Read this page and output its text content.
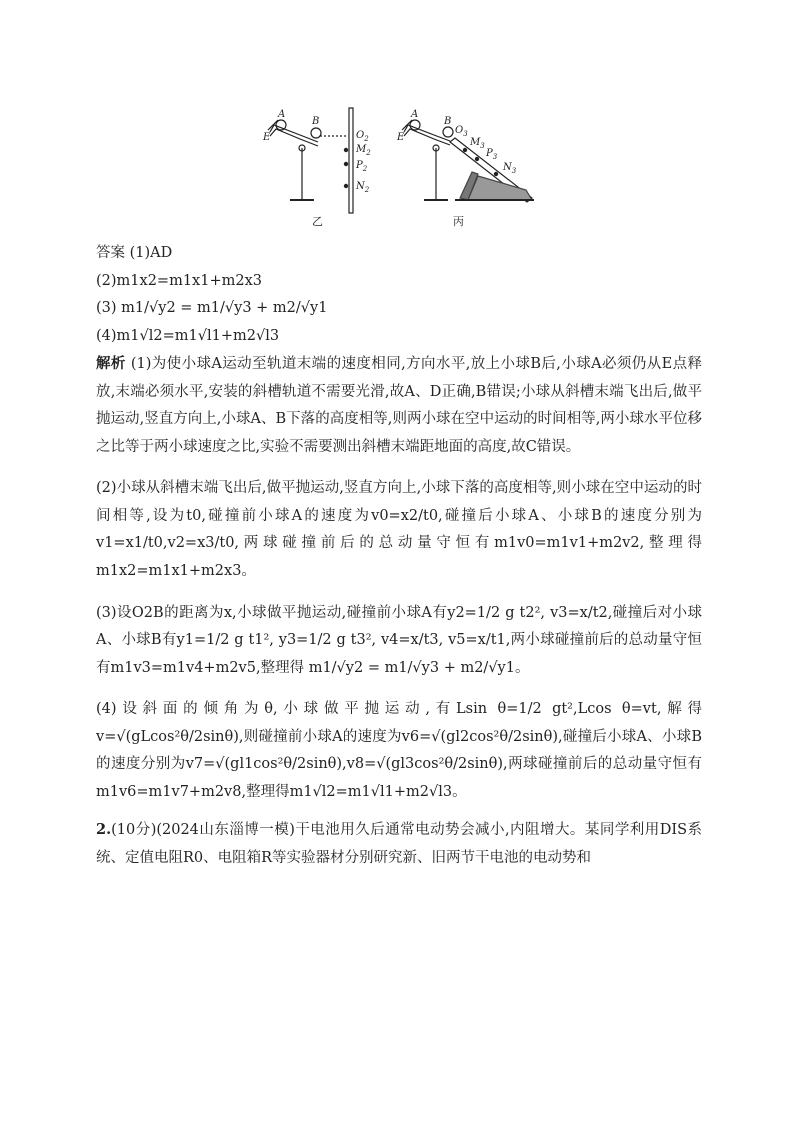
A
B
E	$O_2$
$M_2$
$P_2$
$N_2$
乙
A
B
E
$O_3$
$M_3$
$P_3$
$N_3$
丙
答案 (1)AD
(2)m1x2=m1x1+m2x3
(3) m1/√y2 = m1/√y3 + m2/√y1
(4)m1√l2=m1√l1+m2√l3
解析 (1)为使小球A运动至轨道末端的速度相同,方向水平,放上小球B后,小球A必须仍从E点释放,末端必须水平,安装的斜槽轨道不需要光滑,故A、D正确,B错误;小球从斜槽末端飞出后,做平抛运动,竖直方向上,小球A、B下落的高度相等,则两小球在空中运动的时间相等,两小球水平位移之比等于两小球速度之比,实验不需要测出斜槽末端距地面的高度,故C错误。
(2)小球从斜槽末端飞出后,做平抛运动,竖直方向上,小球下落的高度相等,则小球在空中运动的时间相等,设为t0,碰撞前小球A的速度为v0=x2/t0,碰撞后小球A、小球B的速度分别为v1=x1/t0,v2=x3/t0,两球碰撞前后的总动量守恒有m1v0=m1v1+m2v2,整理得m1x2=m1x1+m2x3。
(3)设O2B的距离为x,小球做平抛运动,碰撞前小球A有y2=1/2 g t2², v3=x/t2,碰撞后对小球A、小球B有y1=1/2 g t1², y3=1/2 g t3², v4=x/t3, v5=x/t1,两小球碰撞前后的总动量守恒有m1v3=m1v4+m2v5,整理得 m1/√y2 = m1/√y3 + m2/√y1。
(4)设斜面的倾角为θ,小球做平抛运动,有Lsin θ=1/2 gt²,Lcos θ=vt,解得v=√(gLcos²θ/2sinθ),则碰撞前小球A的速度为v6=√(gl2cos²θ/2sinθ),碰撞后小球A、小球B的速度分别为v7=√(gl1cos²θ/2sinθ),v8=√(gl3cos²θ/2sinθ),两球碰撞前后的总动量守恒有m1v6=m1v7+m2v8,整理得m1√l2=m1√l1+m2√l3。
2.(10分)(2024山东淄博一模)干电池用久后通常电动势会减小,内阻增大。某同学利用DIS系统、定值电阻R0、电阻箱R等实验器材分别研究新、旧两节干电池的电动势和
